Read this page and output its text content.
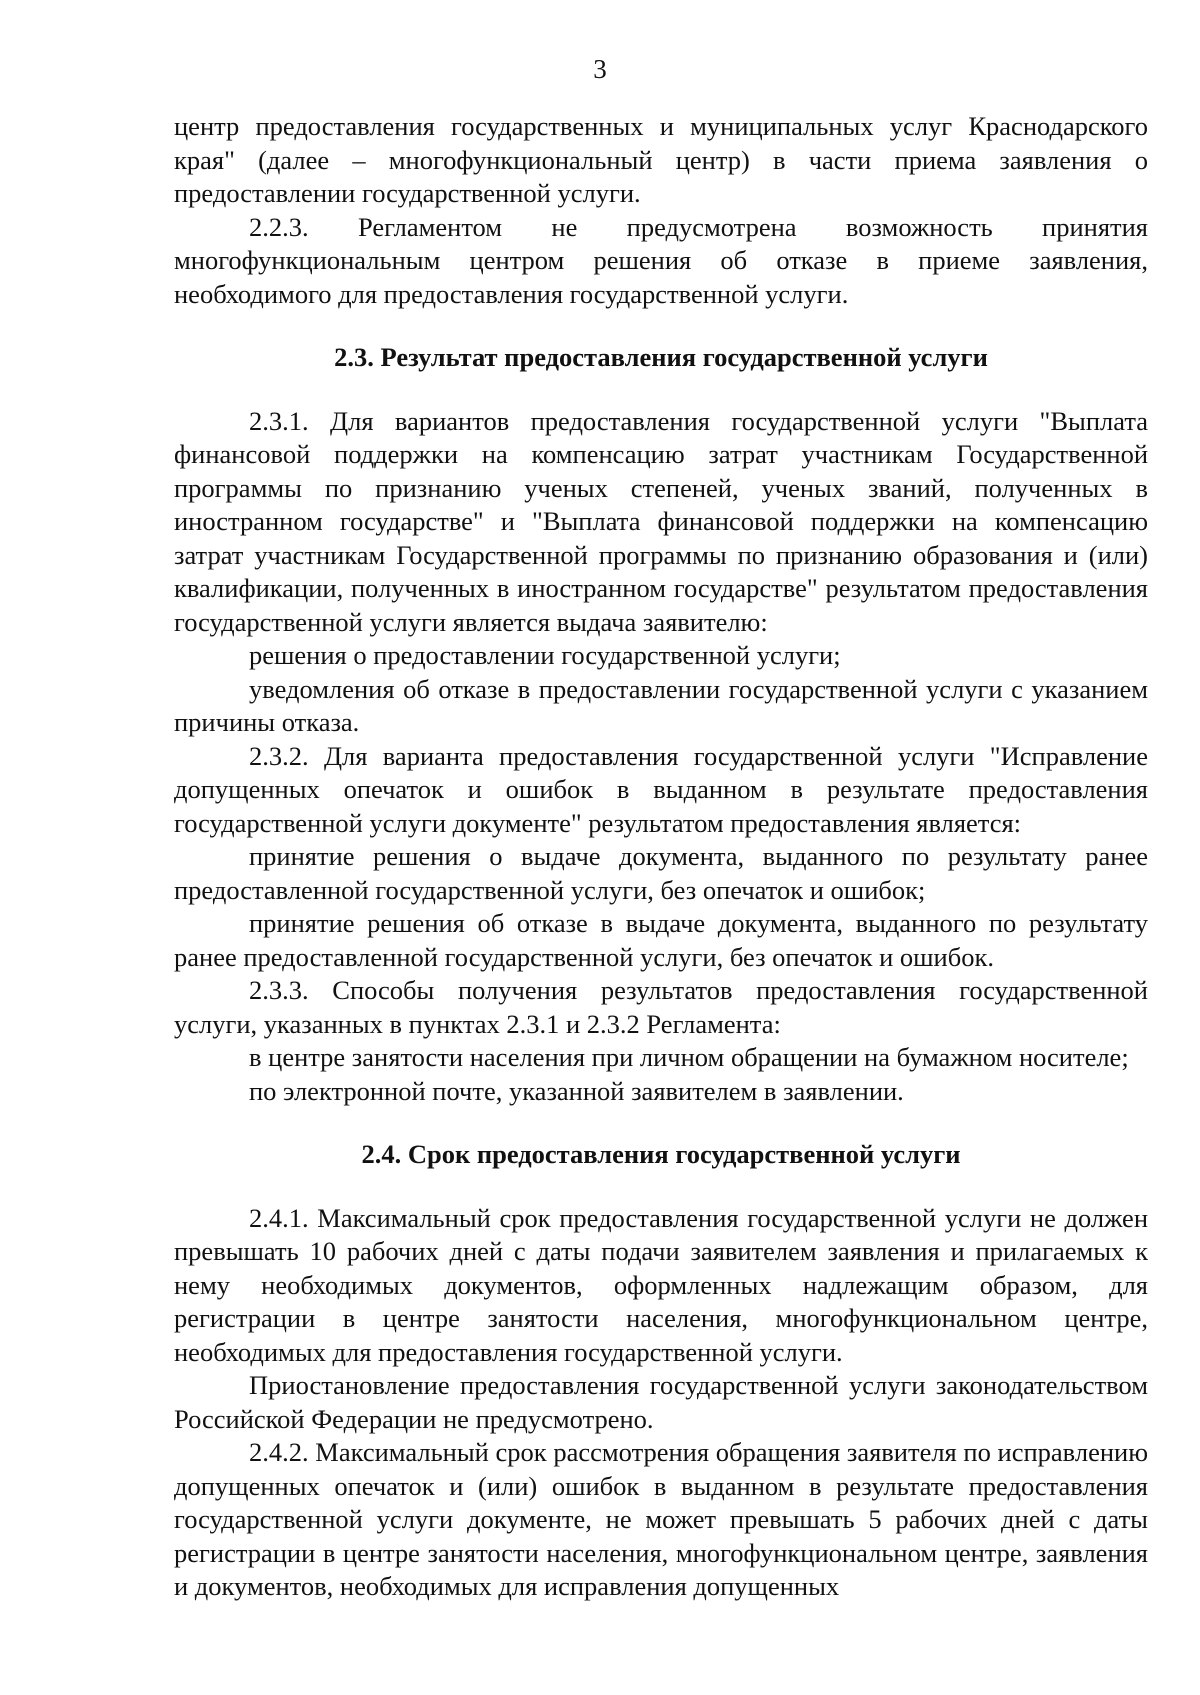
3

центр предоставления государственных и муниципальных услуг Краснодарского края" (далее – многофункциональный центр) в части приема заявления о предоставлении государственной услуги.

2.2.3. Регламентом не предусмотрена возможность принятия многофункциональным центром решения об отказе в приеме заявления, необходимого для предоставления государственной услуги.

2.3. Результат предоставления государственной услуги

2.3.1. Для вариантов предоставления государственной услуги "Выплата финансовой поддержки на компенсацию затрат участникам Государственной программы по признанию ученых степеней, ученых званий, полученных в иностранном государстве" и "Выплата финансовой поддержки на компенсацию затрат участникам Государственной программы по признанию образования и (или) квалификации, полученных в иностранном государстве" результатом предоставления государственной услуги является выдача заявителю:

решения о предоставлении государственной услуги;

уведомления об отказе в предоставлении государственной услуги с указанием причины отказа.

2.3.2. Для варианта предоставления государственной услуги "Исправление допущенных опечаток и ошибок в выданном в результате предоставления государственной услуги документе" результатом предоставления является:

принятие решения о выдаче документа, выданного по результату ранее предоставленной государственной услуги, без опечаток и ошибок;

принятие решения об отказе в выдаче документа, выданного по результату ранее предоставленной государственной услуги, без опечаток и ошибок.

2.3.3. Способы получения результатов предоставления государственной услуги, указанных в пунктах 2.3.1 и 2.3.2 Регламента:

в центре занятости населения при личном обращении на бумажном носителе;

по электронной почте, указанной заявителем в заявлении.

2.4. Срок предоставления государственной услуги

2.4.1. Максимальный срок предоставления государственной услуги не должен превышать 10 рабочих дней с даты подачи заявителем заявления и прилагаемых к нему необходимых документов, оформленных надлежащим образом, для регистрации в центре занятости населения, многофункциональном центре, необходимых для предоставления государственной услуги.

Приостановление предоставления государственной услуги законодательством Российской Федерации не предусмотрено.

2.4.2. Максимальный срок рассмотрения обращения заявителя по исправлению допущенных опечаток и (или) ошибок в выданном в результате предоставления государственной услуги документе, не может превышать 5 рабочих дней с даты регистрации в центре занятости населения, многофункциональном центре, заявления и документов, необходимых для исправления допущенных
